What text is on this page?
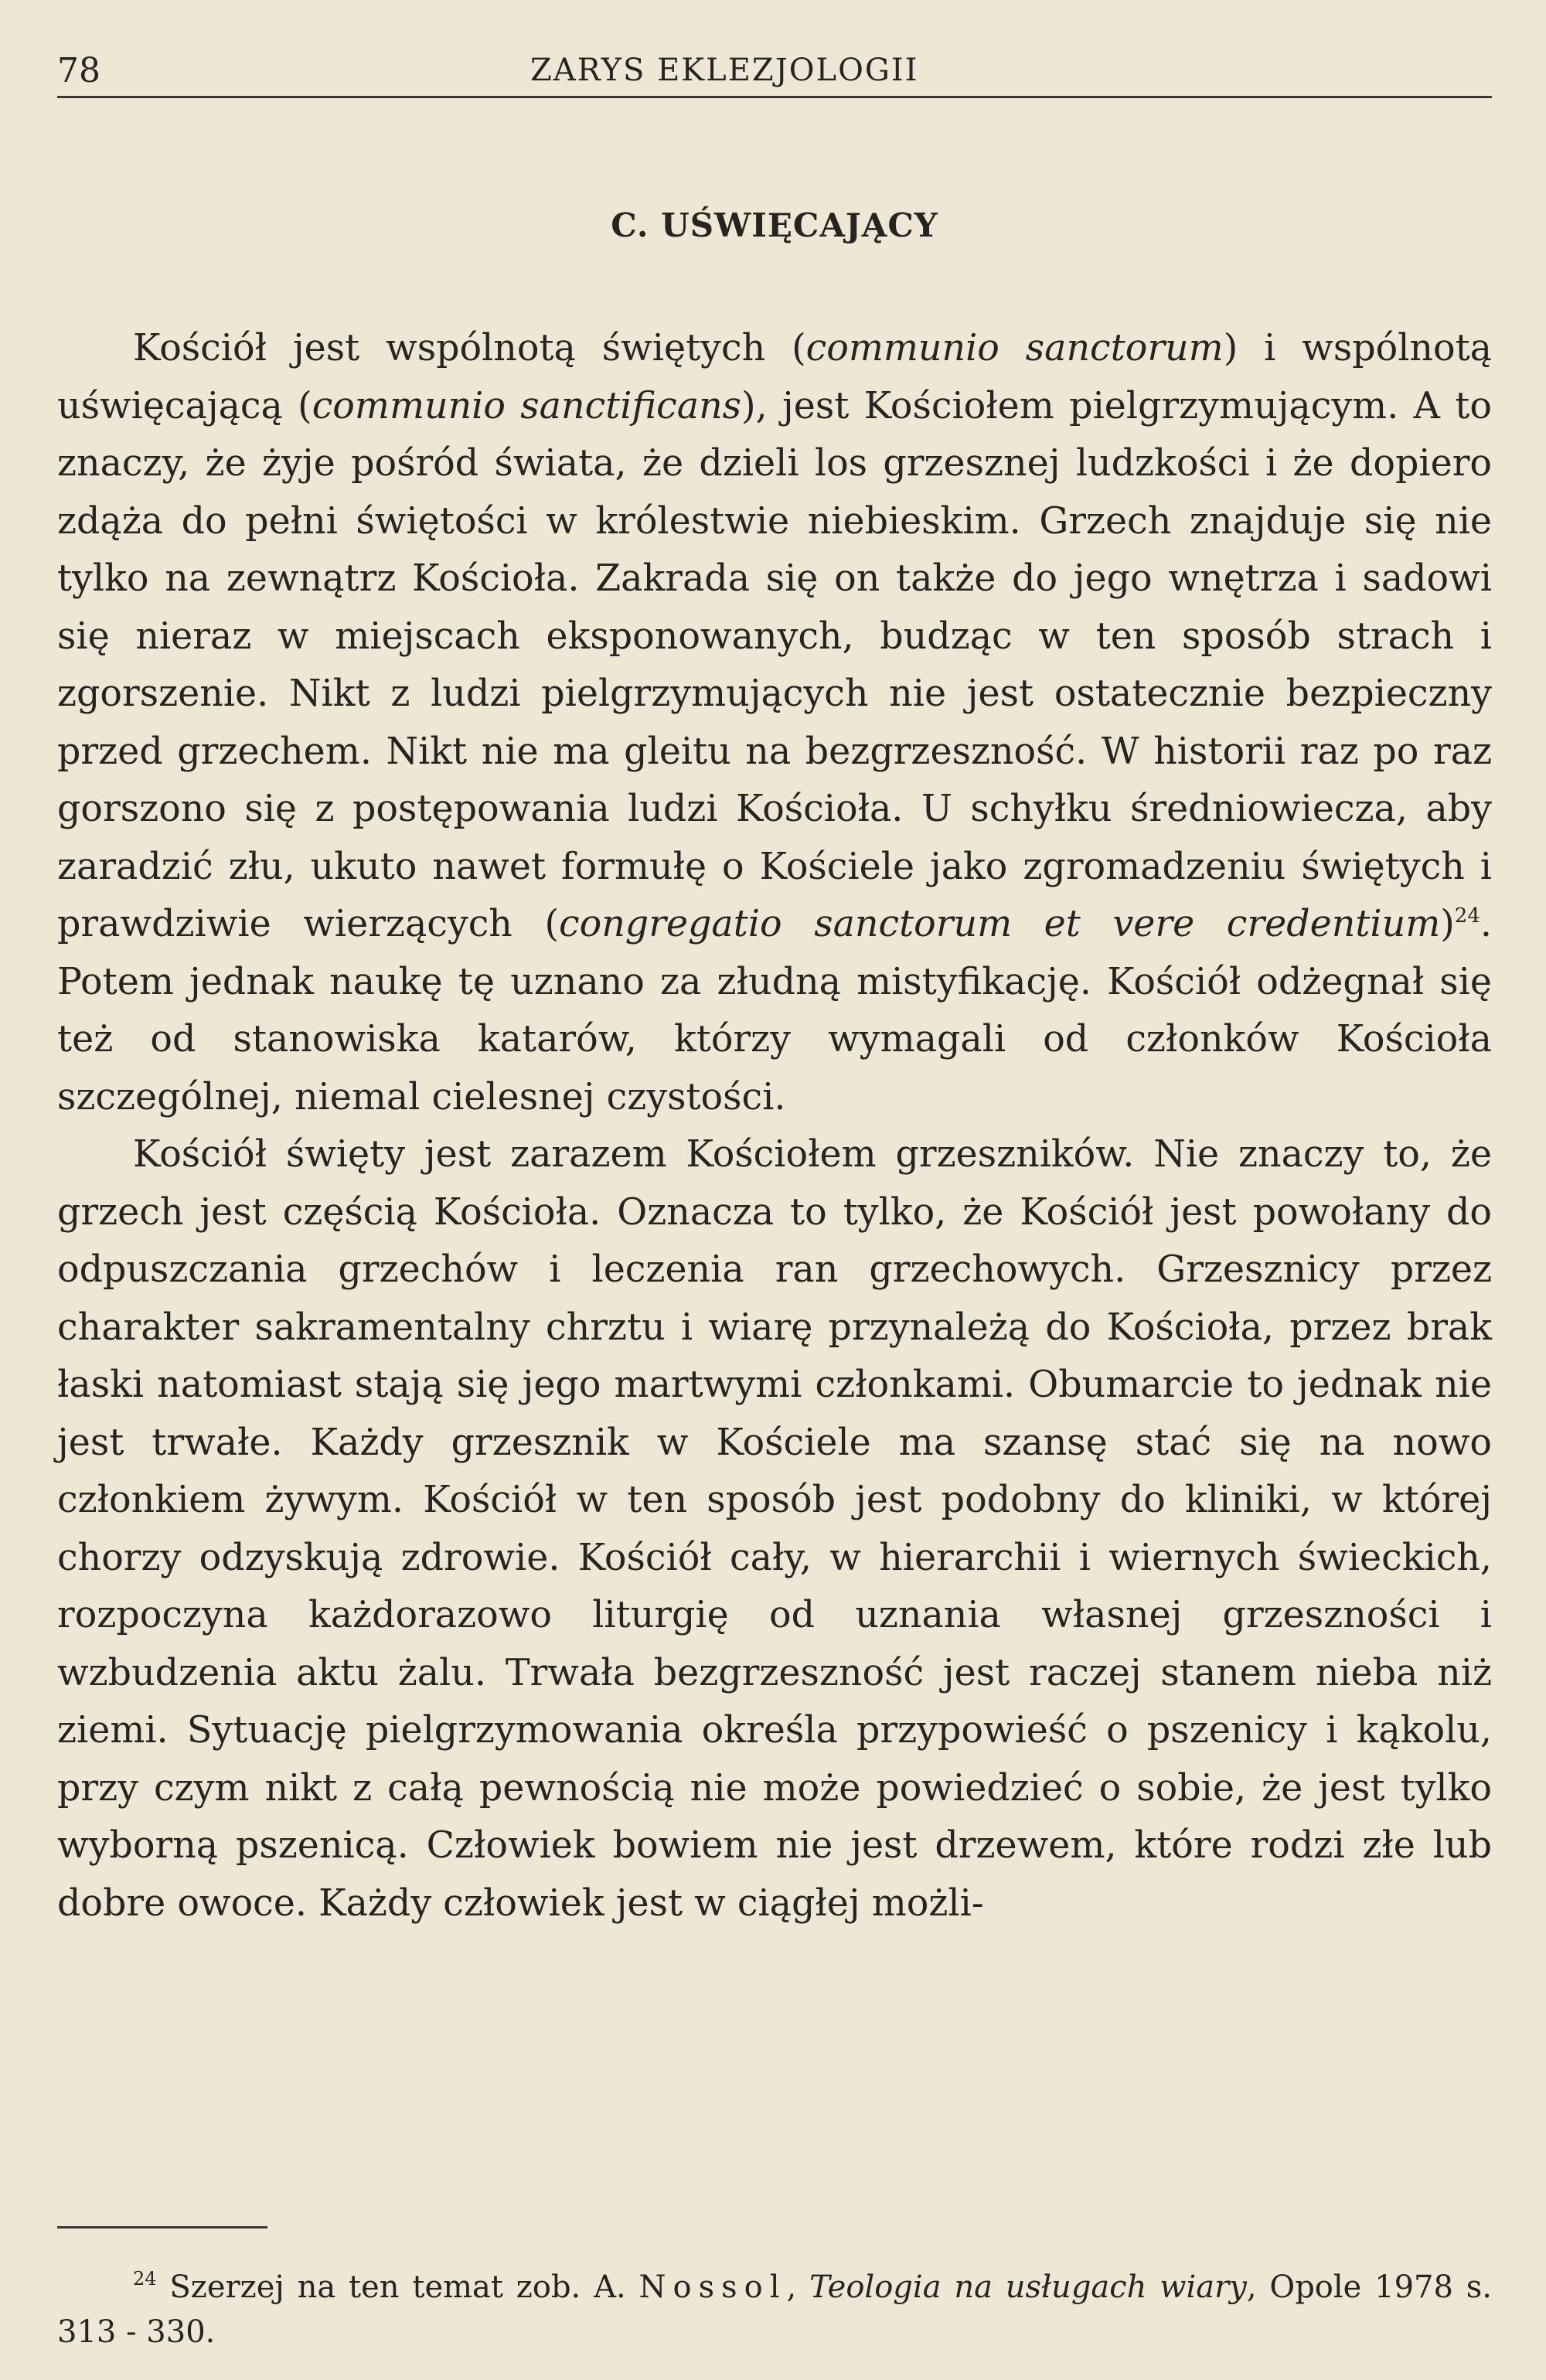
78	ZARYS EKLEZJOLOGII
C. UŚWIĘCAJĄCY

Kościół jest wspólnotą świętych (communio sanctorum) i wspólnotą uświęcającą (communio sanctificans), jest Kościołem pielgrzymującym. A to znaczy, że żyje pośród świata, że dzieli los grzesznej ludzkości i że dopiero zdąża do pełni świętości w królestwie niebieskim. Grzech znajduje się nie tylko na zewnątrz Kościoła. Zakrada się on także do jego wnętrza i sadowi się nieraz w miejscach eksponowanych, budząc w ten sposób strach i zgorszenie. Nikt z ludzi pielgrzymujących nie jest ostatecznie bezpieczny przed grzechem. Nikt nie ma gleitu na bezgrzeszność. W historii raz po raz gorszono się z postępowania ludzi Kościoła. U schyłku średniowiecza, aby zaradzić złu, ukuto nawet formułę o Kościele jako zgromadzeniu świętych i prawdziwie wierzących (congregatio sanctorum et vere credentium)$^{24}$. Potem jednak naukę tę uznano za złudną mistyfikację. Kościół odżegnał się też od stanowiska katarów, którzy wymagali od członków Kościoła szczególnej, niemal cielesnej czystości.

Kościół święty jest zarazem Kościołem grzeszników. Nie znaczy to, że grzech jest częścią Kościoła. Oznacza to tylko, że Kościół jest powołany do odpuszczania grzechów i leczenia ran grzechowych. Grzesznicy przez charakter sakramentalny chrztu i wiarę przynależą do Kościoła, przez brak łaski natomiast stają się jego martwymi członkami. Obumarcie to jednak nie jest trwałe. Każdy grzesznik w Kościele ma szansę stać się na nowo członkiem żywym. Kościół w ten sposób jest podobny do kliniki, w której chorzy odzyskują zdrowie. Kościół cały, w hierarchii i wiernych świeckich, rozpoczyna każdorazowo liturgię od uznania własnej grzeszności i wzbudzenia aktu żalu. Trwała bezgrzeszność jest raczej stanem nieba niż ziemi. Sytuację pielgrzymowania określa przypowieść o pszenicy i kąkolu, przy czym nikt z całą pewnością nie może powiedzieć o sobie, że jest tylko wyborną pszenicą. Człowiek bowiem nie jest drzewem, które rodzi złe lub dobre owoce. Każdy człowiek jest w ciągłej możli-

$^{24}$ Szerzej na ten temat zob. A. Nossol, Teologia na usługach wiary, Opole 1978 s. 313 - 330.
